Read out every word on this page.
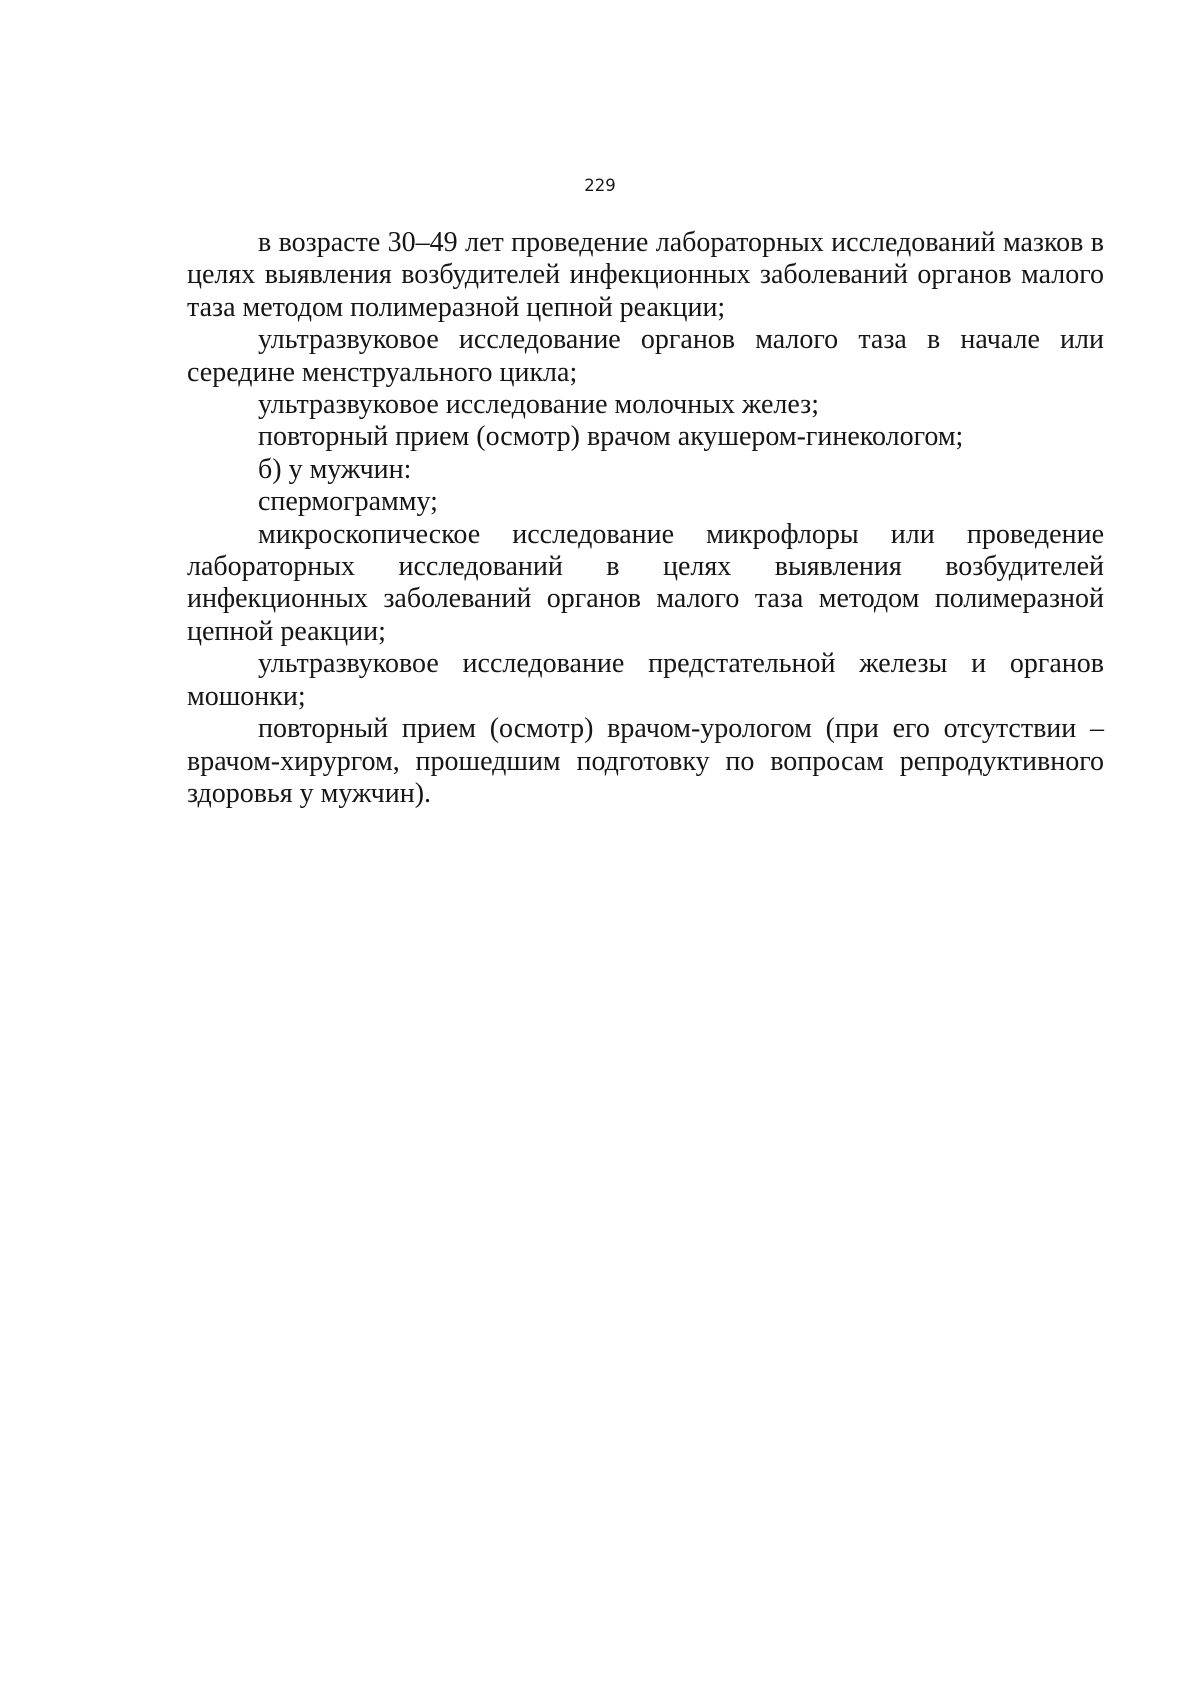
229

в возрасте 30–49 лет проведение лабораторных исследований мазков в целях выявления возбудителей инфекционных заболеваний органов малого таза методом полимеразной цепной реакции;

ультразвуковое исследование органов малого таза в начале или середине менструального цикла;

ультразвуковое исследование молочных желез;

повторный прием (осмотр) врачом акушером-гинекологом;

б) у мужчин:

спермограмму;

микроскопическое исследование микрофлоры или проведение лабораторных исследований в целях выявления возбудителей инфекционных заболеваний органов малого таза методом полимеразной цепной реакции;

ультразвуковое исследование предстательной железы и органов мошонки;

повторный прием (осмотр) врачом-урологом (при его отсутствии – врачом-хирургом, прошедшим подготовку по вопросам репродуктивного здоровья у мужчин).
